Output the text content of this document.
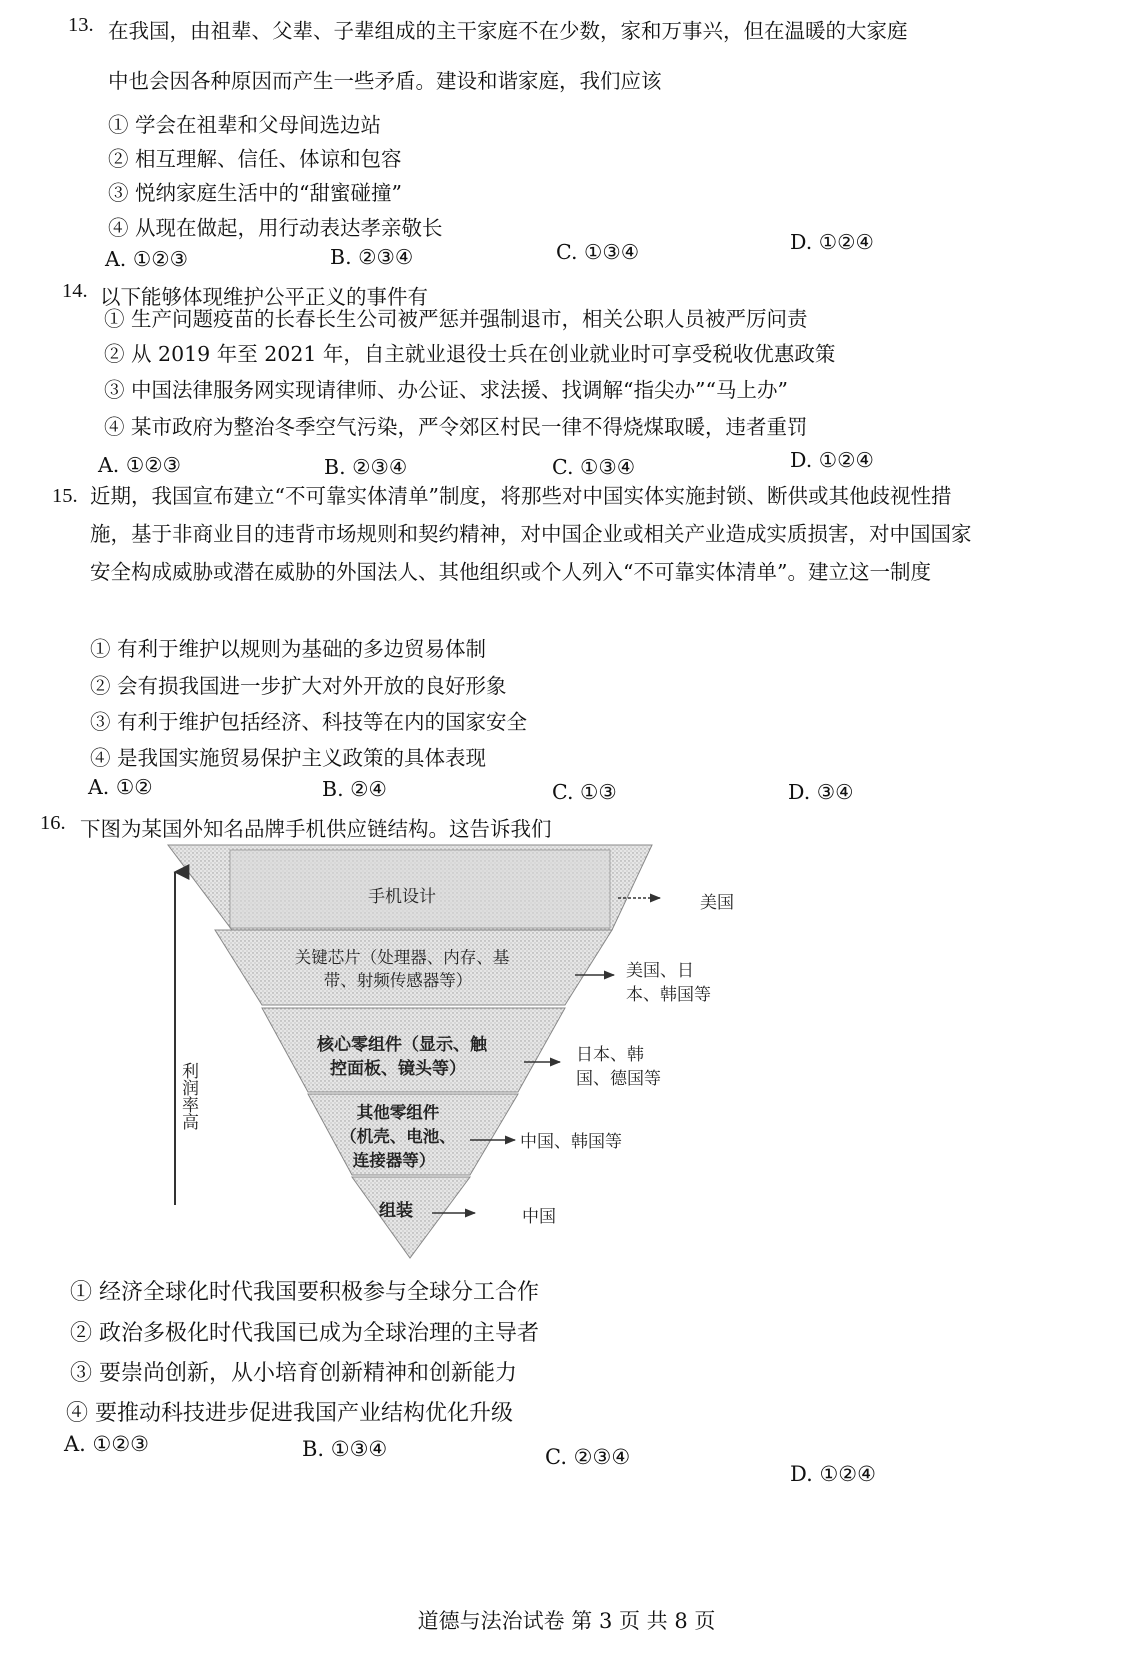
13. 在我国，由祖辈、父辈、子辈组成的主干家庭不在少数，家和万事兴，但在温暖的大家庭
中也会因各种原因而产生一些矛盾。建设和谐家庭，我们应该
① 学会在祖辈和父母间选边站
② 相互理解、信任、体谅和包容
③ 悦纳家庭生活中的“甜蜜碰撞”
④ 从现在做起，用行动表达孝亲敬长
A. ①②③	B. ②③④	C. ①③④	D. ①②④
14. 以下能够体现维护公平正义的事件有
① 生产问题疫苗的长春长生公司被严惩并强制退市，相关公职人员被严厉问责
② 从 2019 年至 2021 年，自主就业退役士兵在创业就业时可享受税收优惠政策
③ 中国法律服务网实现请律师、办公证、求法援、找调解“指尖办”“马上办”
④ 某市政府为整治冬季空气污染，严令郊区村民一律不得烧煤取暖，违者重罚
A. ①②③	B. ②③④	C. ①③④	D. ①②④
15. 近期，我国宣布建立“不可靠实体清单”制度，将那些对中国实体实施封锁、断供或其他歧视性措施，基于非商业目的违背市场规则和契约精神，对中国企业或相关产业造成实质损害，对中国国家安全构成威胁或潜在威胁的外国法人、其他组织或个人列入“不可靠实体清单”。建立这一制度
① 有利于维护以规则为基础的多边贸易体制
② 会有损我国进一步扩大对外开放的良好形象
③ 有利于维护包括经济、科技等在内的国家安全
④ 是我国实施贸易保护主义政策的具体表现
A. ①②	B. ②④	C. ①③	D. ③④
16. 下图为某国外知名品牌手机供应链结构。这告诉我们
利润率高
手机设计
关键芯片（处理器、内存、基
带、射频传感器等）
核心零组件（显示、触
控面板、镜头等）
其他零组件
（机壳、电池、
连接器等）
组装
美国
美国、日
本、韩国等
日本、韩
国、德国等
中国、韩国等
中国
① 经济全球化时代我国要积极参与全球分工合作
② 政治多极化时代我国已成为全球治理的主导者
③ 要崇尚创新，从小培育创新精神和创新能力
④ 要推动科技进步促进我国产业结构优化升级
A. ①②③	B. ①③④	C. ②③④
D. ①②④
道德与法治试卷 第 3 页 共 8 页
